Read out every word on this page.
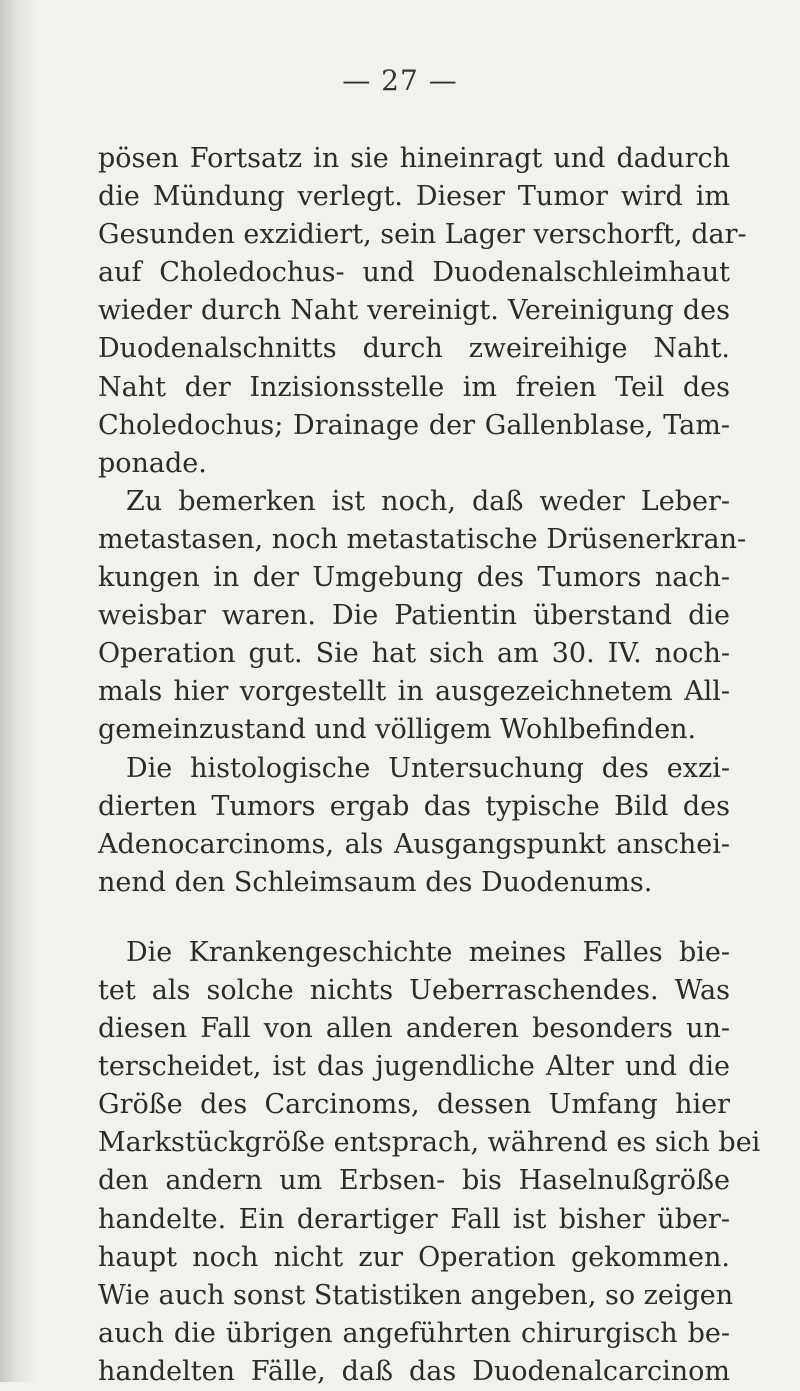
— 27 —
pösen Fortsatz in sie hineinragt und dadurch
die Mündung verlegt. Dieser Tumor wird im
Gesunden exzidiert, sein Lager verschorft, dar-
auf Choledochus- und Duodenalschleimhaut
wieder durch Naht vereinigt. Vereinigung des
Duodenalschnitts durch zweireihige Naht.
Naht der Inzisionsstelle im freien Teil des
Choledochus; Drainage der Gallenblase, Tam-
ponade.
Zu bemerken ist noch, daß weder Leber-
metastasen, noch metastatische Drüsenerkran-
kungen in der Umgebung des Tumors nach-
weisbar waren. Die Patientin überstand die
Operation gut. Sie hat sich am 30. IV. noch-
mals hier vorgestellt in ausgezeichnetem All-
gemeinzustand und völligem Wohlbefinden.
Die histologische Untersuchung des exzi-
dierten Tumors ergab das typische Bild des
Adenocarcinoms, als Ausgangspunkt anschei-
nend den Schleimsaum des Duodenums.
Die Krankengeschichte meines Falles bie-
tet als solche nichts Ueberraschendes. Was
diesen Fall von allen anderen besonders un-
terscheidet, ist das jugendliche Alter und die
Größe des Carcinoms, dessen Umfang hier
Markstückgröße entsprach, während es sich bei
den andern um Erbsen- bis Haselnußgröße
handelte. Ein derartiger Fall ist bisher über-
haupt noch nicht zur Operation gekommen.
Wie auch sonst Statistiken angeben, so zeigen
auch die übrigen angeführten chirurgisch be-
handelten Fälle, daß das Duodenalcarcinom
